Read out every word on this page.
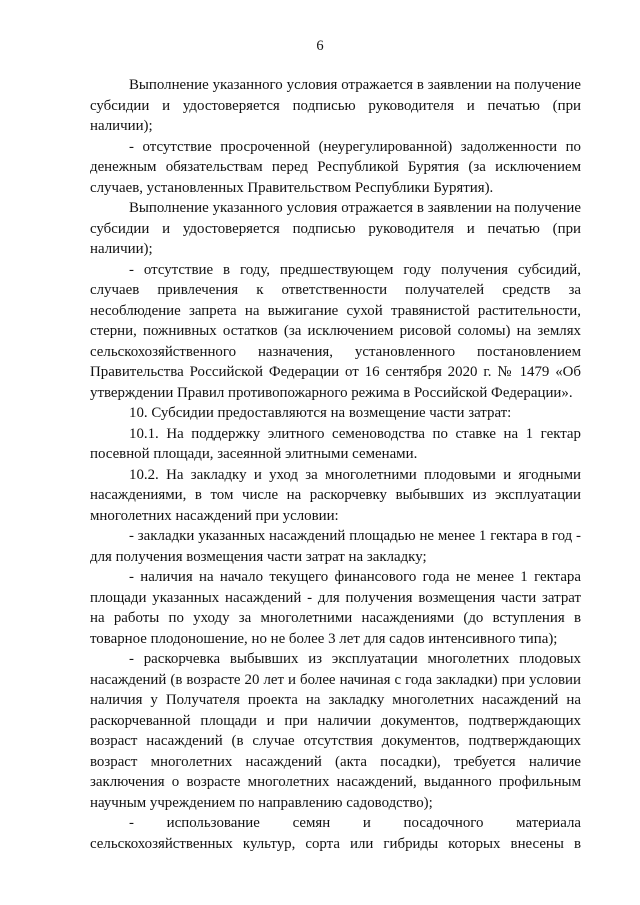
6

Выполнение указанного условия отражается в заявлении на получение субсидии и удостоверяется подписью руководителя и печатью (при наличии);

- отсутствие просроченной (неурегулированной) задолженности по денежным обязательствам перед Республикой Бурятия (за исключением случаев, установленных Правительством Республики Бурятия).

Выполнение указанного условия отражается в заявлении на получение субсидии и удостоверяется подписью руководителя и печатью (при наличии);

- отсутствие в году, предшествующем году получения субсидий, случаев привлечения к ответственности получателей средств за несоблюдение запрета на выжигание сухой травянистой растительности, стерни, пожнивных остатков (за исключением рисовой соломы) на землях сельскохозяйственного назначения, установленного постановлением Правительства Российской Федерации от 16 сентября 2020 г. № 1479 «Об утверждении Правил противопожарного режима в Российской Федерации».

10. Субсидии предоставляются на возмещение части затрат:

10.1. На поддержку элитного семеноводства по ставке на 1 гектар посевной площади, засеянной элитными семенами.

10.2. На закладку и уход за многолетними плодовыми и ягодными насаждениями, в том числе на раскорчевку выбывших из эксплуатации многолетних насаждений при условии:

- закладки указанных насаждений площадью не менее 1 гектара в год - для получения возмещения части затрат на закладку;

- наличия на начало текущего финансового года не менее 1 гектара площади указанных насаждений - для получения возмещения части затрат на работы по уходу за многолетними насаждениями (до вступления в товарное плодоношение, но не более 3 лет для садов интенсивного типа);

- раскорчевка выбывших из эксплуатации многолетних плодовых насаждений (в возрасте 20 лет и более начиная с года закладки) при условии наличия у Получателя проекта на закладку многолетних насаждений на раскорчеванной площади и при наличии документов, подтверждающих возраст насаждений (в случае отсутствия документов, подтверждающих возраст многолетних насаждений (акта посадки), требуется наличие заключения о возрасте многолетних насаждений, выданного профильным научным учреждением по направлению садоводство);

- использование семян и посадочного материала сельскохозяйственных культур, сорта или гибриды которых внесены в
